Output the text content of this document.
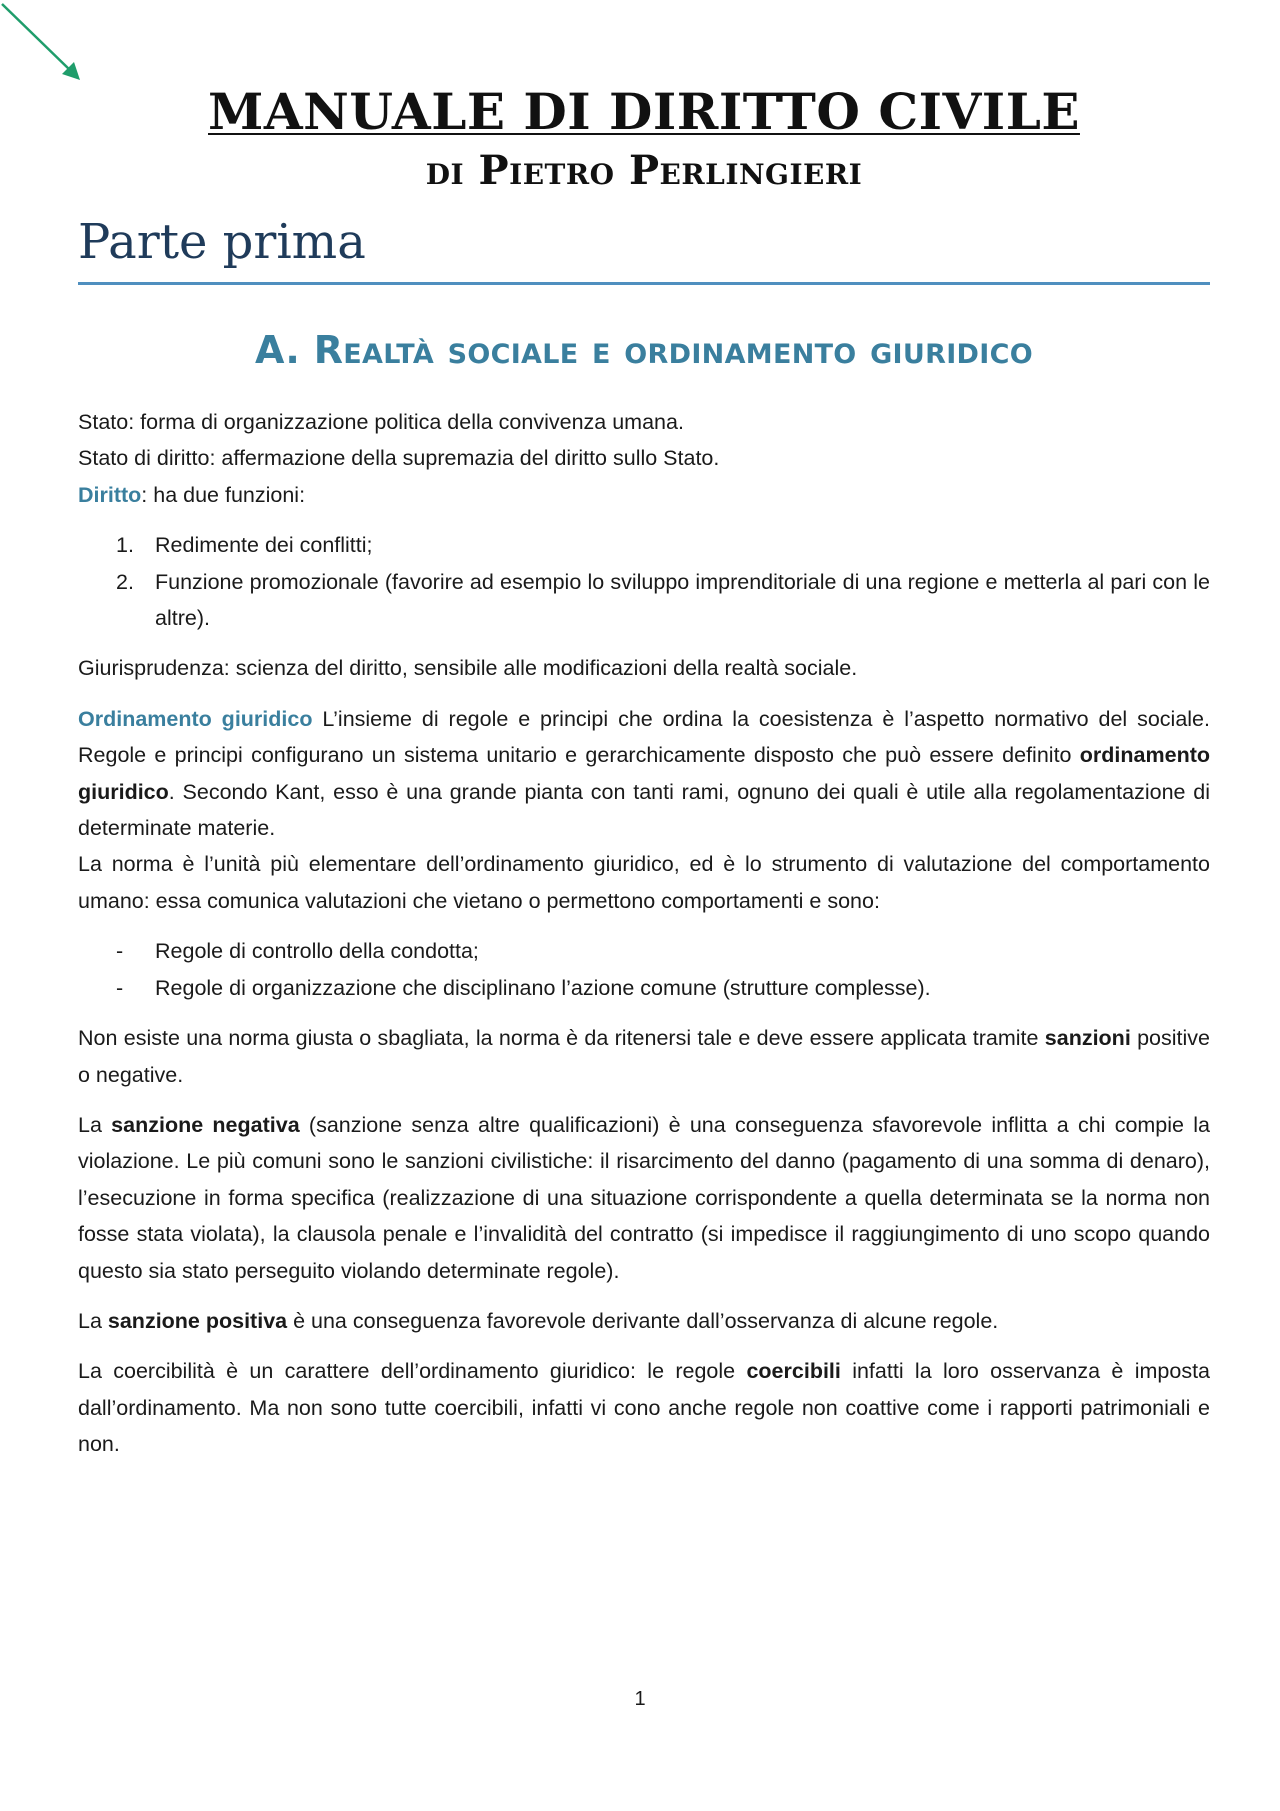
MANUALE DI DIRITTO CIVILE
di Pietro Perlingieri
Parte prima
A. Realtà sociale e ordinamento giuridico

Stato: forma di organizzazione politica della convivenza umana.

Stato di diritto: affermazione della supremazia del diritto sullo Stato.

Diritto: ha due funzioni:

1. Redimente dei conflitti;
2. Funzione promozionale (favorire ad esempio lo sviluppo imprenditoriale di una regione e metterla al pari con le altre).

Giurisprudenza: scienza del diritto, sensibile alle modificazioni della realtà sociale.

Ordinamento giuridico L’insieme di regole e principi che ordina la coesistenza è l’aspetto normativo del sociale. Regole e principi configurano un sistema unitario e gerarchicamente disposto che può essere definito ordinamento giuridico. Secondo Kant, esso è una grande pianta con tanti rami, ognuno dei quali è utile alla regolamentazione di determinate materie.

La norma è l’unità più elementare dell’ordinamento giuridico, ed è lo strumento di valutazione del comportamento umano: essa comunica valutazioni che vietano o permettono comportamenti e sono:

- Regole di controllo della condotta;
- Regole di organizzazione che disciplinano l’azione comune (strutture complesse).

Non esiste una norma giusta o sbagliata, la norma è da ritenersi tale e deve essere applicata tramite sanzioni positive o negative.

La sanzione negativa (sanzione senza altre qualificazioni) è una conseguenza sfavorevole inflitta a chi compie la violazione. Le più comuni sono le sanzioni civilistiche: il risarcimento del danno (pagamento di una somma di denaro), l’esecuzione in forma specifica (realizzazione di una situazione corrispondente a quella determinata se la norma non fosse stata violata), la clausola penale e l’invalidità del contratto (si impedisce il raggiungimento di uno scopo quando questo sia stato perseguito violando determinate regole).

La sanzione positiva è una conseguenza favorevole derivante dall’osservanza di alcune regole.

La coercibilità è un carattere dell’ordinamento giuridico: le regole coercibili infatti la loro osservanza è imposta dall’ordinamento. Ma non sono tutte coercibili, infatti vi cono anche regole non coattive come i rapporti patrimoniali e non.

1
